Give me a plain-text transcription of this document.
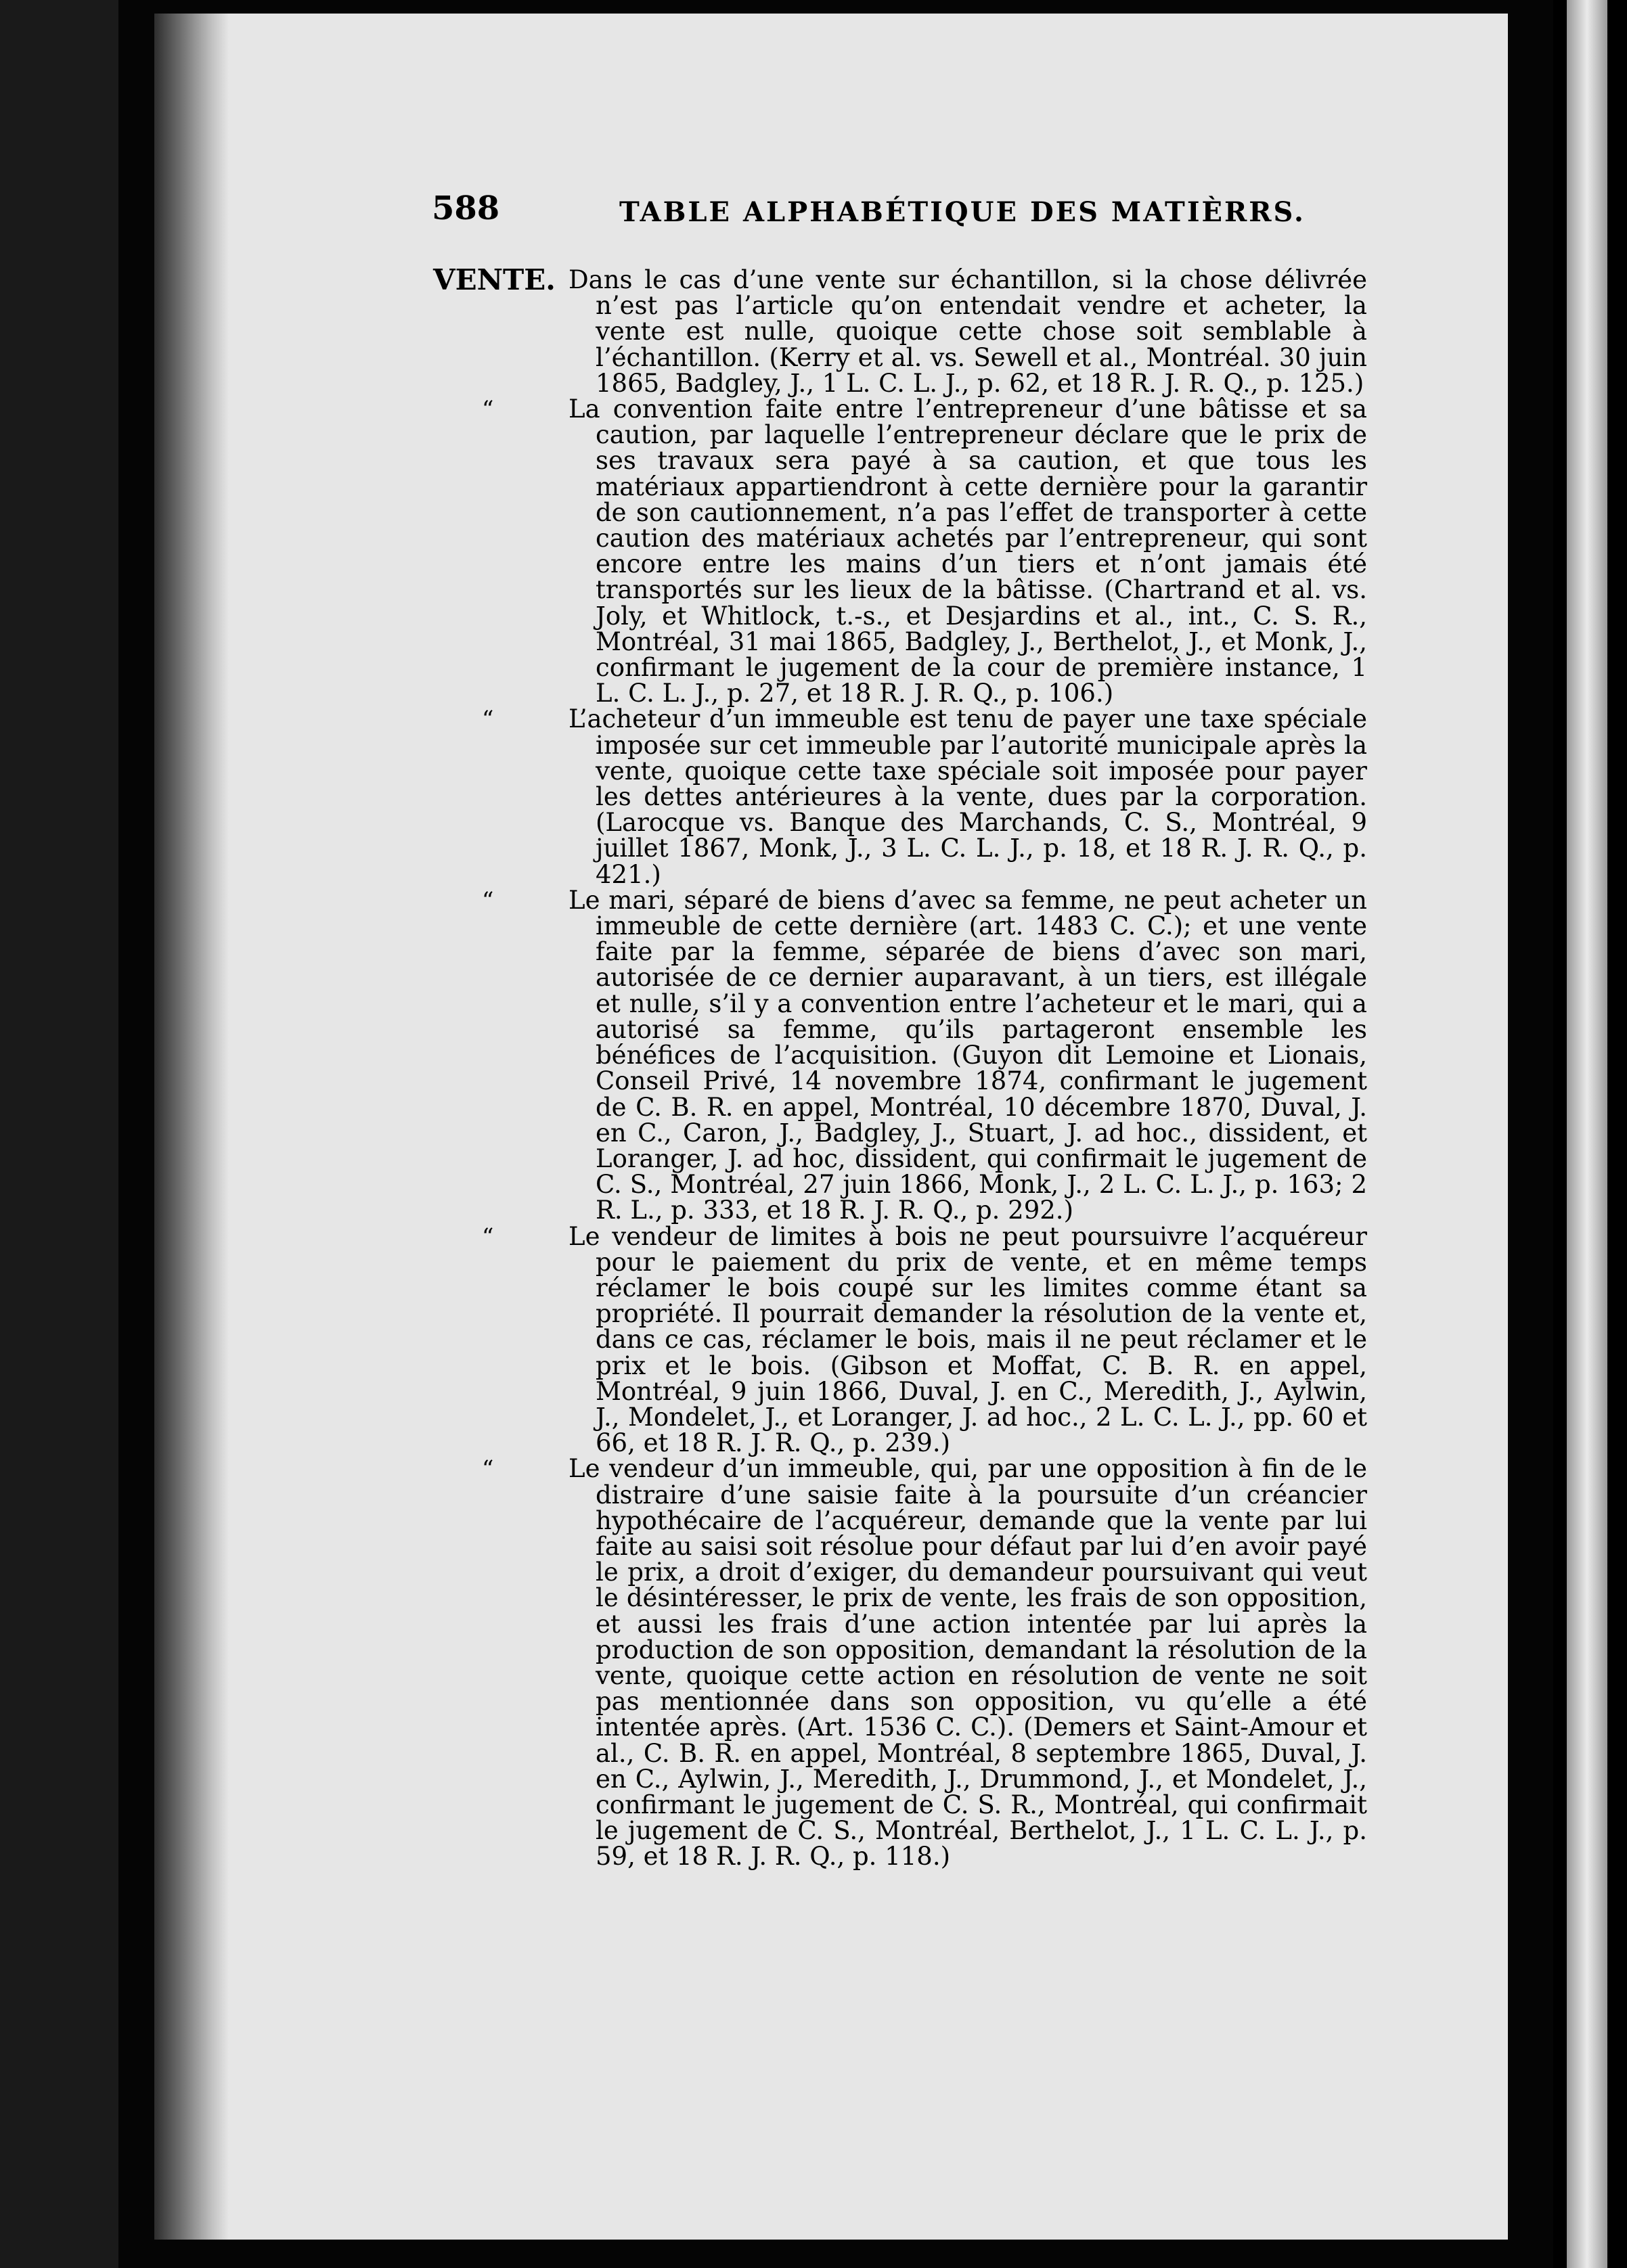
588	TABLE ALPHABÉTIQUE DES MATIÈRRS.
VENTE. Dans le cas d’une vente sur échantillon, si la chose délivrée n’est pas l’article qu’on entendait vendre et acheter, la vente est nulle, quoique cette chose soit semblable à l’échantillon. (Kerry et al. vs. Sewell et al., Montréal. 30 juin 1865, Badgley, J., 1 L. C. L. J., p. 62, et 18 R. J. R. Q., p. 125.)
“	La convention faite entre l’entrepreneur d’une bâtisse et sa caution, par laquelle l’entrepreneur déclare que le prix de ses travaux sera payé à sa caution, et que tous les matériaux appartiendront à cette dernière pour la garantir de son cautionnement, n’a pas l’effet de transporter à cette caution des matériaux achetés par l’entrepreneur, qui sont encore entre les mains d’un tiers et n’ont jamais été transportés sur les lieux de la bâtisse. (Chartrand et al. vs. Joly, et Whitlock, t.-s., et Desjardins et al., int., C. S. R., Montréal, 31 mai 1865, Badgley, J., Berthelot, J., et Monk, J., confirmant le jugement de la cour de première instance, 1 L. C. L. J., p. 27, et 18 R. J. R. Q., p. 106.)
“	L’acheteur d’un immeuble est tenu de payer une taxe spéciale imposée sur cet immeuble par l’autorité municipale après la vente, quoique cette taxe spéciale soit imposée pour payer les dettes antérieures à la vente, dues par la corporation. (Larocque vs. Banque des Marchands, C. S., Montréal, 9 juillet 1867, Monk, J., 3 L. C. L. J., p. 18, et 18 R. J. R. Q., p. 421.)
“	Le mari, séparé de biens d’avec sa femme, ne peut acheter un immeuble de cette dernière (art. 1483 C. C.); et une vente faite par la femme, séparée de biens d’avec son mari, autorisée de ce dernier auparavant, à un tiers, est illégale et nulle, s’il y a convention entre l’acheteur et le mari, qui a autorisé sa femme, qu’ils partageront ensemble les bénéfices de l’acquisition. (Guyon dit Lemoine et Lionais, Conseil Privé, 14 novembre 1874, confirmant le jugement de C. B. R. en appel, Montréal, 10 décembre 1870, Duval, J. en C., Caron, J., Badgley, J., Stuart, J. ad hoc., dissident, et Loranger, J. ad hoc, dissident, qui confirmait le jugement de C. S., Montréal, 27 juin 1866, Monk, J., 2 L. C. L. J., p. 163; 2 R. L., p. 333, et 18 R. J. R. Q., p. 292.)
“	Le vendeur de limites à bois ne peut poursuivre l’acquéreur pour le paiement du prix de vente, et en même temps réclamer le bois coupé sur les limites comme étant sa propriété. Il pourrait demander la résolution de la vente et, dans ce cas, réclamer le bois, mais il ne peut réclamer et le prix et le bois. (Gibson et Moffat, C. B. R. en appel, Montréal, 9 juin 1866, Duval, J. en C., Meredith, J., Aylwin, J., Mondelet, J., et Loranger, J. ad hoc., 2 L. C. L. J., pp. 60 et 66, et 18 R. J. R. Q., p. 239.)
“	Le vendeur d’un immeuble, qui, par une opposition à fin de le distraire d’une saisie faite à la poursuite d’un créancier hypothécaire de l’acquéreur, demande que la vente par lui faite au saisi soit résolue pour défaut par lui d’en avoir payé le prix, a droit d’exiger, du demandeur poursuivant qui veut le désintéresser, le prix de vente, les frais de son opposition, et aussi les frais d’une action intentée par lui après la production de son opposition, demandant la résolution de la vente, quoique cette action en résolution de vente ne soit pas mentionnée dans son opposition, vu qu’elle a été intentée après. (Art. 1536 C. C.). (Demers et Saint-Amour et al., C. B. R. en appel, Montréal, 8 septembre 1865, Duval, J. en C., Aylwin, J., Meredith, J., Drummond, J., et Mondelet, J., confirmant le jugement de C. S. R., Montréal, qui confirmait le jugement de C. S., Montréal, Berthelot, J., 1 L. C. L. J., p. 59, et 18 R. J. R. Q., p. 118.)
